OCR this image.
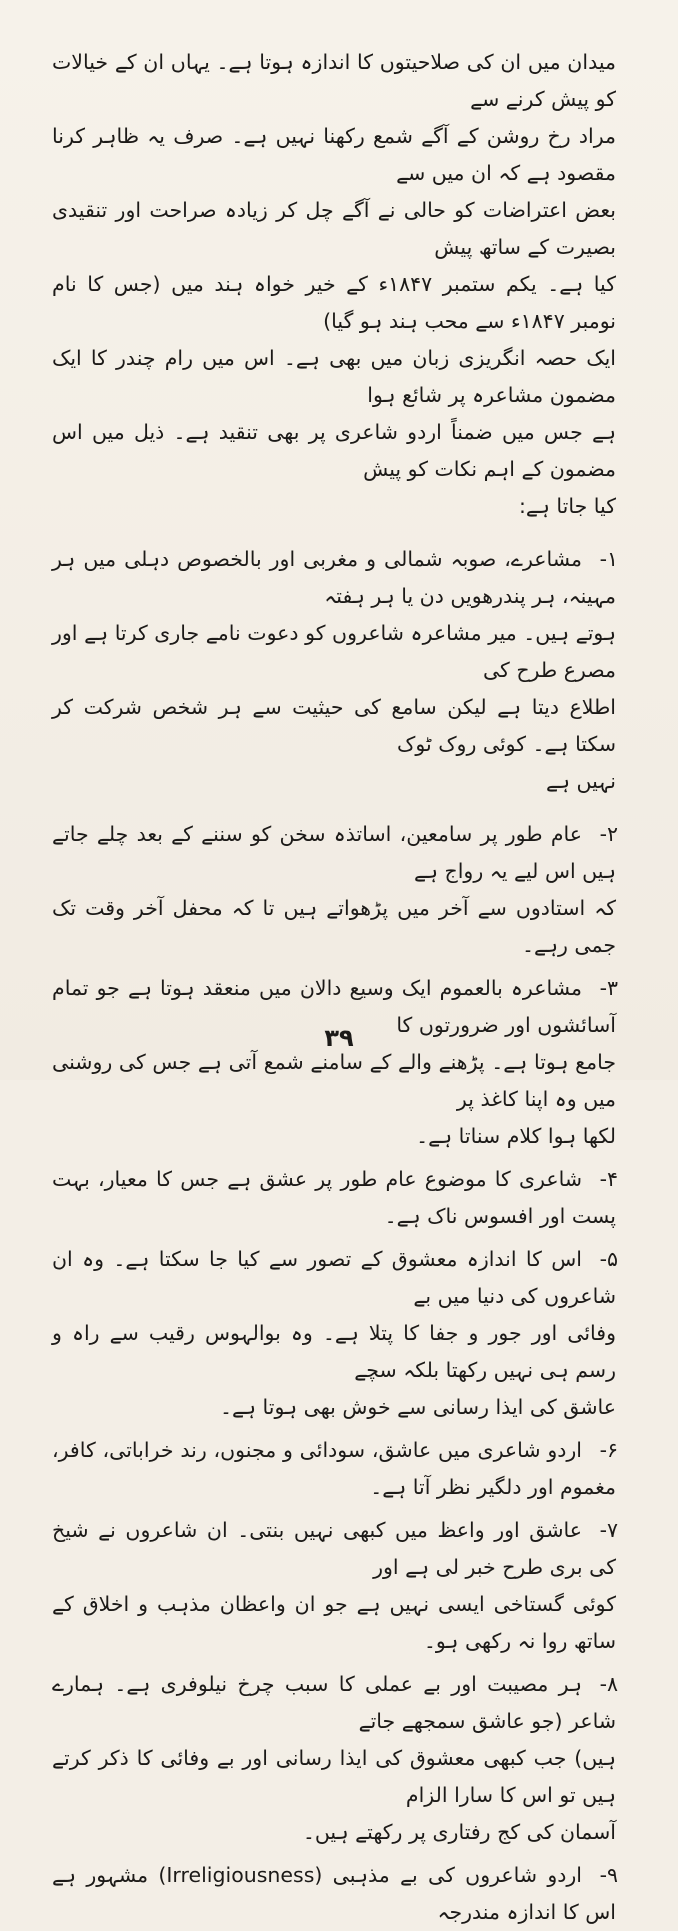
میدان میں ان کی صلاحیتوں کا اندازہ ہوتا ہے۔ یہاں ان کے خیالات کو پیش کرنے سے

مراد رخ روشن کے آگے شمع رکھنا نہیں ہے۔ صرف یہ ظاہر کرنا مقصود ہے کہ ان میں سے

بعض اعتراضات کو حالی نے آگے چل کر زیادہ صراحت اور تنقیدی بصیرت کے ساتھ پیش

کیا ہے۔ یکم ستمبر ۱۸۴۷ء کے خیر خواہ ہند میں (جس کا نام نومبر ۱۸۴۷ء سے محب ہند ہو گیا)

ایک حصہ انگریزی زبان میں بھی ہے۔ اس میں رام چندر کا ایک مضمون مشاعرہ پر شائع ہوا

ہے جس میں ضمناً اردو شاعری پر بھی تنقید ہے۔ ذیل میں اس مضمون کے اہم نکات کو پیش

کیا جاتا ہے:

۱-

مشاعرے، صوبہ شمالی و مغربی اور بالخصوص دہلی میں ہر مہینہ، ہر پندرھویں دن یا ہر ہفتہ

ہوتے ہیں۔ میر مشاعرہ شاعروں کو دعوت نامے جاری کرتا ہے اور مصرع طرح کی

اطلاع دیتا ہے لیکن سامع کی حیثیت سے ہر شخص شرکت کر سکتا ہے۔ کوئی روک ٹوک

نہیں ہے

۲-

عام طور پر سامعین، اساتذہ سخن کو سننے کے بعد چلے جاتے ہیں اس لیے یہ رواج ہے

کہ استادوں سے آخر میں پڑھواتے ہیں تا کہ محفل آخر وقت تک جمی رہے۔

۳-

مشاعرہ بالعموم ایک وسیع دالان میں منعقد ہوتا ہے جو تمام آسائشوں اور ضرورتوں کا

جامع ہوتا ہے۔ پڑھنے والے کے سامنے شمع آتی ہے جس کی روشنی میں وہ اپنا کاغذ پر

لکھا ہوا کلام سناتا ہے۔

۴-

شاعری کا موضوع عام طور پر عشق ہے جس کا معیار، بہت پست اور افسوس ناک ہے۔

۵-

اس کا اندازہ معشوق کے تصور سے کیا جا سکتا ہے۔ وہ ان شاعروں کی دنیا میں بے

وفائی اور جور و جفا کا پتلا ہے۔ وہ بوالہوس رقیب سے راہ و رسم ہی نہیں رکھتا بلکہ سچے

عاشق کی ایذا رسانی سے خوش بھی ہوتا ہے۔

۶-

اردو شاعری میں عاشق، سودائی و مجنوں، رند خراباتی، کافر، مغموم اور دلگیر نظر آتا ہے۔

۷-

عاشق اور واعظ میں کبھی نہیں بنتی۔ ان شاعروں نے شیخ کی بری طرح خبر لی ہے اور

کوئی گستاخی ایسی نہیں ہے جو ان واعظان مذہب و اخلاق کے ساتھ روا نہ رکھی ہو۔

۸-

ہر مصیبت اور بے عملی کا سبب چرخ نیلوفری ہے۔ ہمارے شاعر (جو عاشق سمجھے جاتے

ہیں) جب کبھی معشوق کی ایذا رسانی اور بے وفائی کا ذکر کرتے ہیں تو اس کا سارا الزام

آسمان کی کج رفتاری پر رکھتے ہیں۔

۹-

اردو شاعروں کی بے مذہبی (Irreligiousness) مشہور ہے اس کا اندازہ مندرجہ

۳۹
